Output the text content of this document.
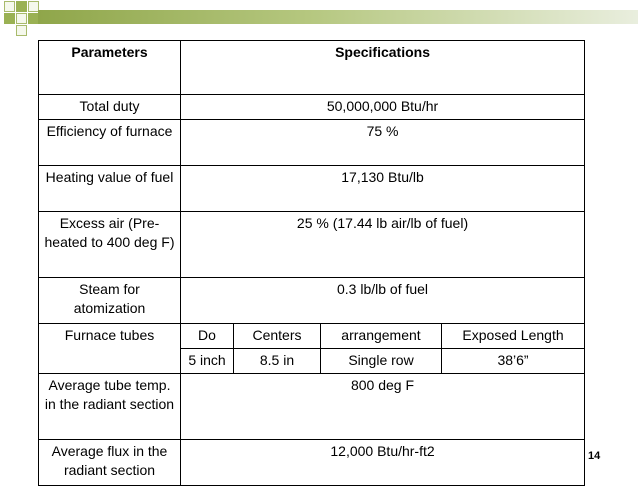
Parameters	Specifications			
Total duty	50,000,000 Btu/hr			
Efficiency of furnace	75 %			
Heating value of fuel	17,130 Btu/lb			
Excess air (Pre-heated to 400 deg F)	25 % (17.44 lb air/lb of fuel)			
Steam for atomization	0.3 lb/lb of fuel			
Furnace tubes	Do	Centers	arrangement	Exposed Length
	5 inch	8.5 in	Single row	38’6”
Average tube temp. in the radiant section	800 deg F			
Average flux in the radiant section	12,000 Btu/hr-ft2				14
